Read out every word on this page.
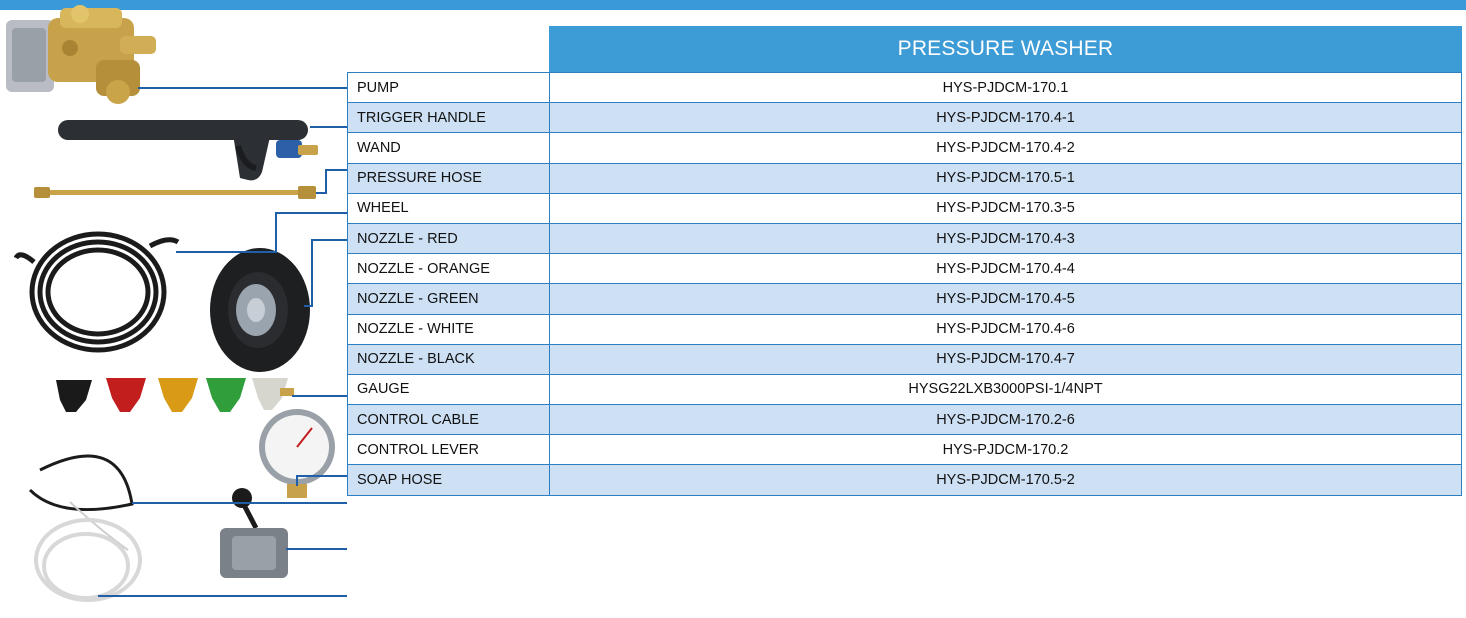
PRESSURE WASHER
PUMP	HYS-PJDCM-170.1
TRIGGER HANDLE	HYS-PJDCM-170.4-1
WAND	HYS-PJDCM-170.4-2
PRESSURE HOSE	HYS-PJDCM-170.5-1
WHEEL	HYS-PJDCM-170.3-5
NOZZLE - RED	HYS-PJDCM-170.4-3
NOZZLE - ORANGE	HYS-PJDCM-170.4-4
NOZZLE - GREEN	HYS-PJDCM-170.4-5
NOZZLE - WHITE	HYS-PJDCM-170.4-6
NOZZLE - BLACK	HYS-PJDCM-170.4-7
GAUGE	HYSG22LXB3000PSI-1/4NPT
CONTROL CABLE	HYS-PJDCM-170.2-6
CONTROL LEVER	HYS-PJDCM-170.2
SOAP HOSE	HYS-PJDCM-170.5-2
